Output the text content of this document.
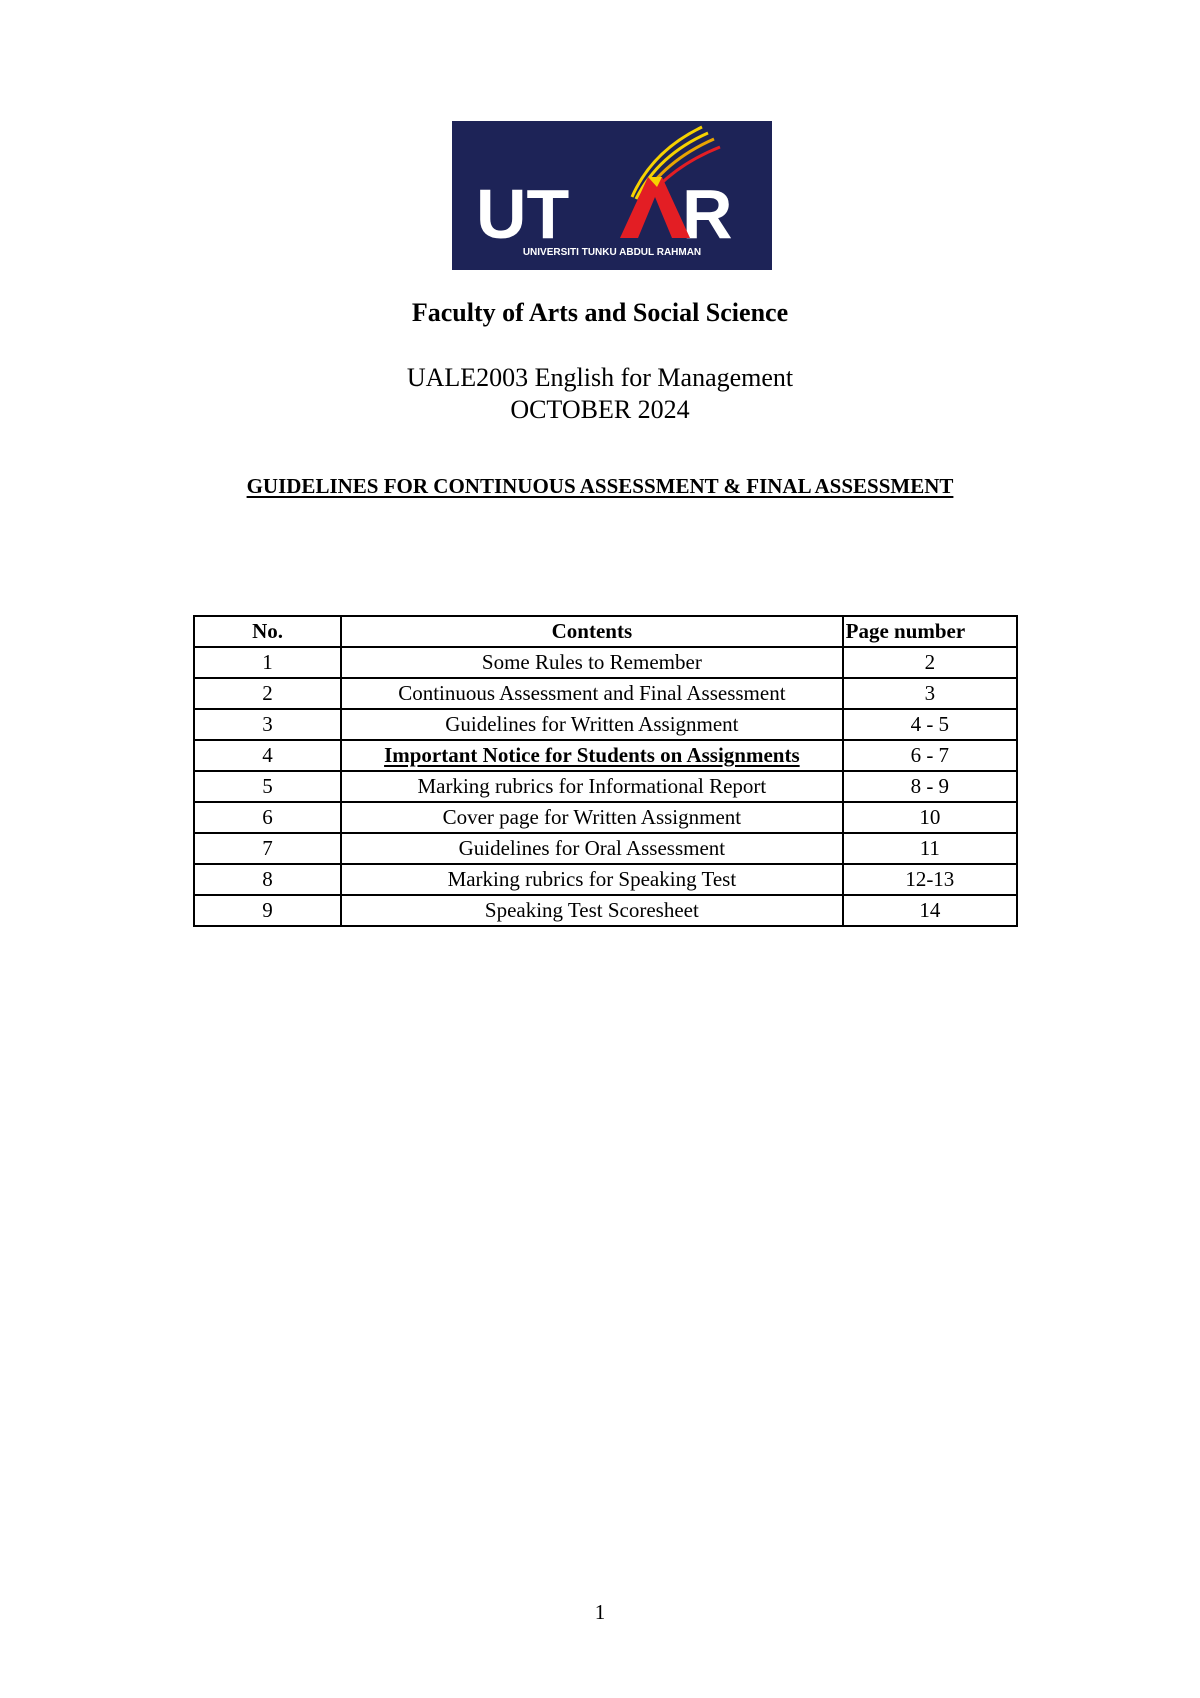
UT R
UNIVERSITI TUNKU ABDUL RAHMAN
Faculty of Arts and Social Science
UALE2003 English for Management
OCTOBER 2024
GUIDELINES FOR CONTINUOUS ASSESSMENT & FINAL ASSESSMENT
No.	Contents	Page number
1	Some Rules to Remember	2
2	Continuous Assessment and Final Assessment	3
3	Guidelines for Written Assignment	4 - 5
4	Important Notice for Students on Assignments	6 - 7
5	Marking rubrics for Informational Report	8 - 9
6	Cover page for Written Assignment	10
7	Guidelines for Oral Assessment	11
8	Marking rubrics for Speaking Test	12-13
9	Speaking Test Scoresheet	14
1
